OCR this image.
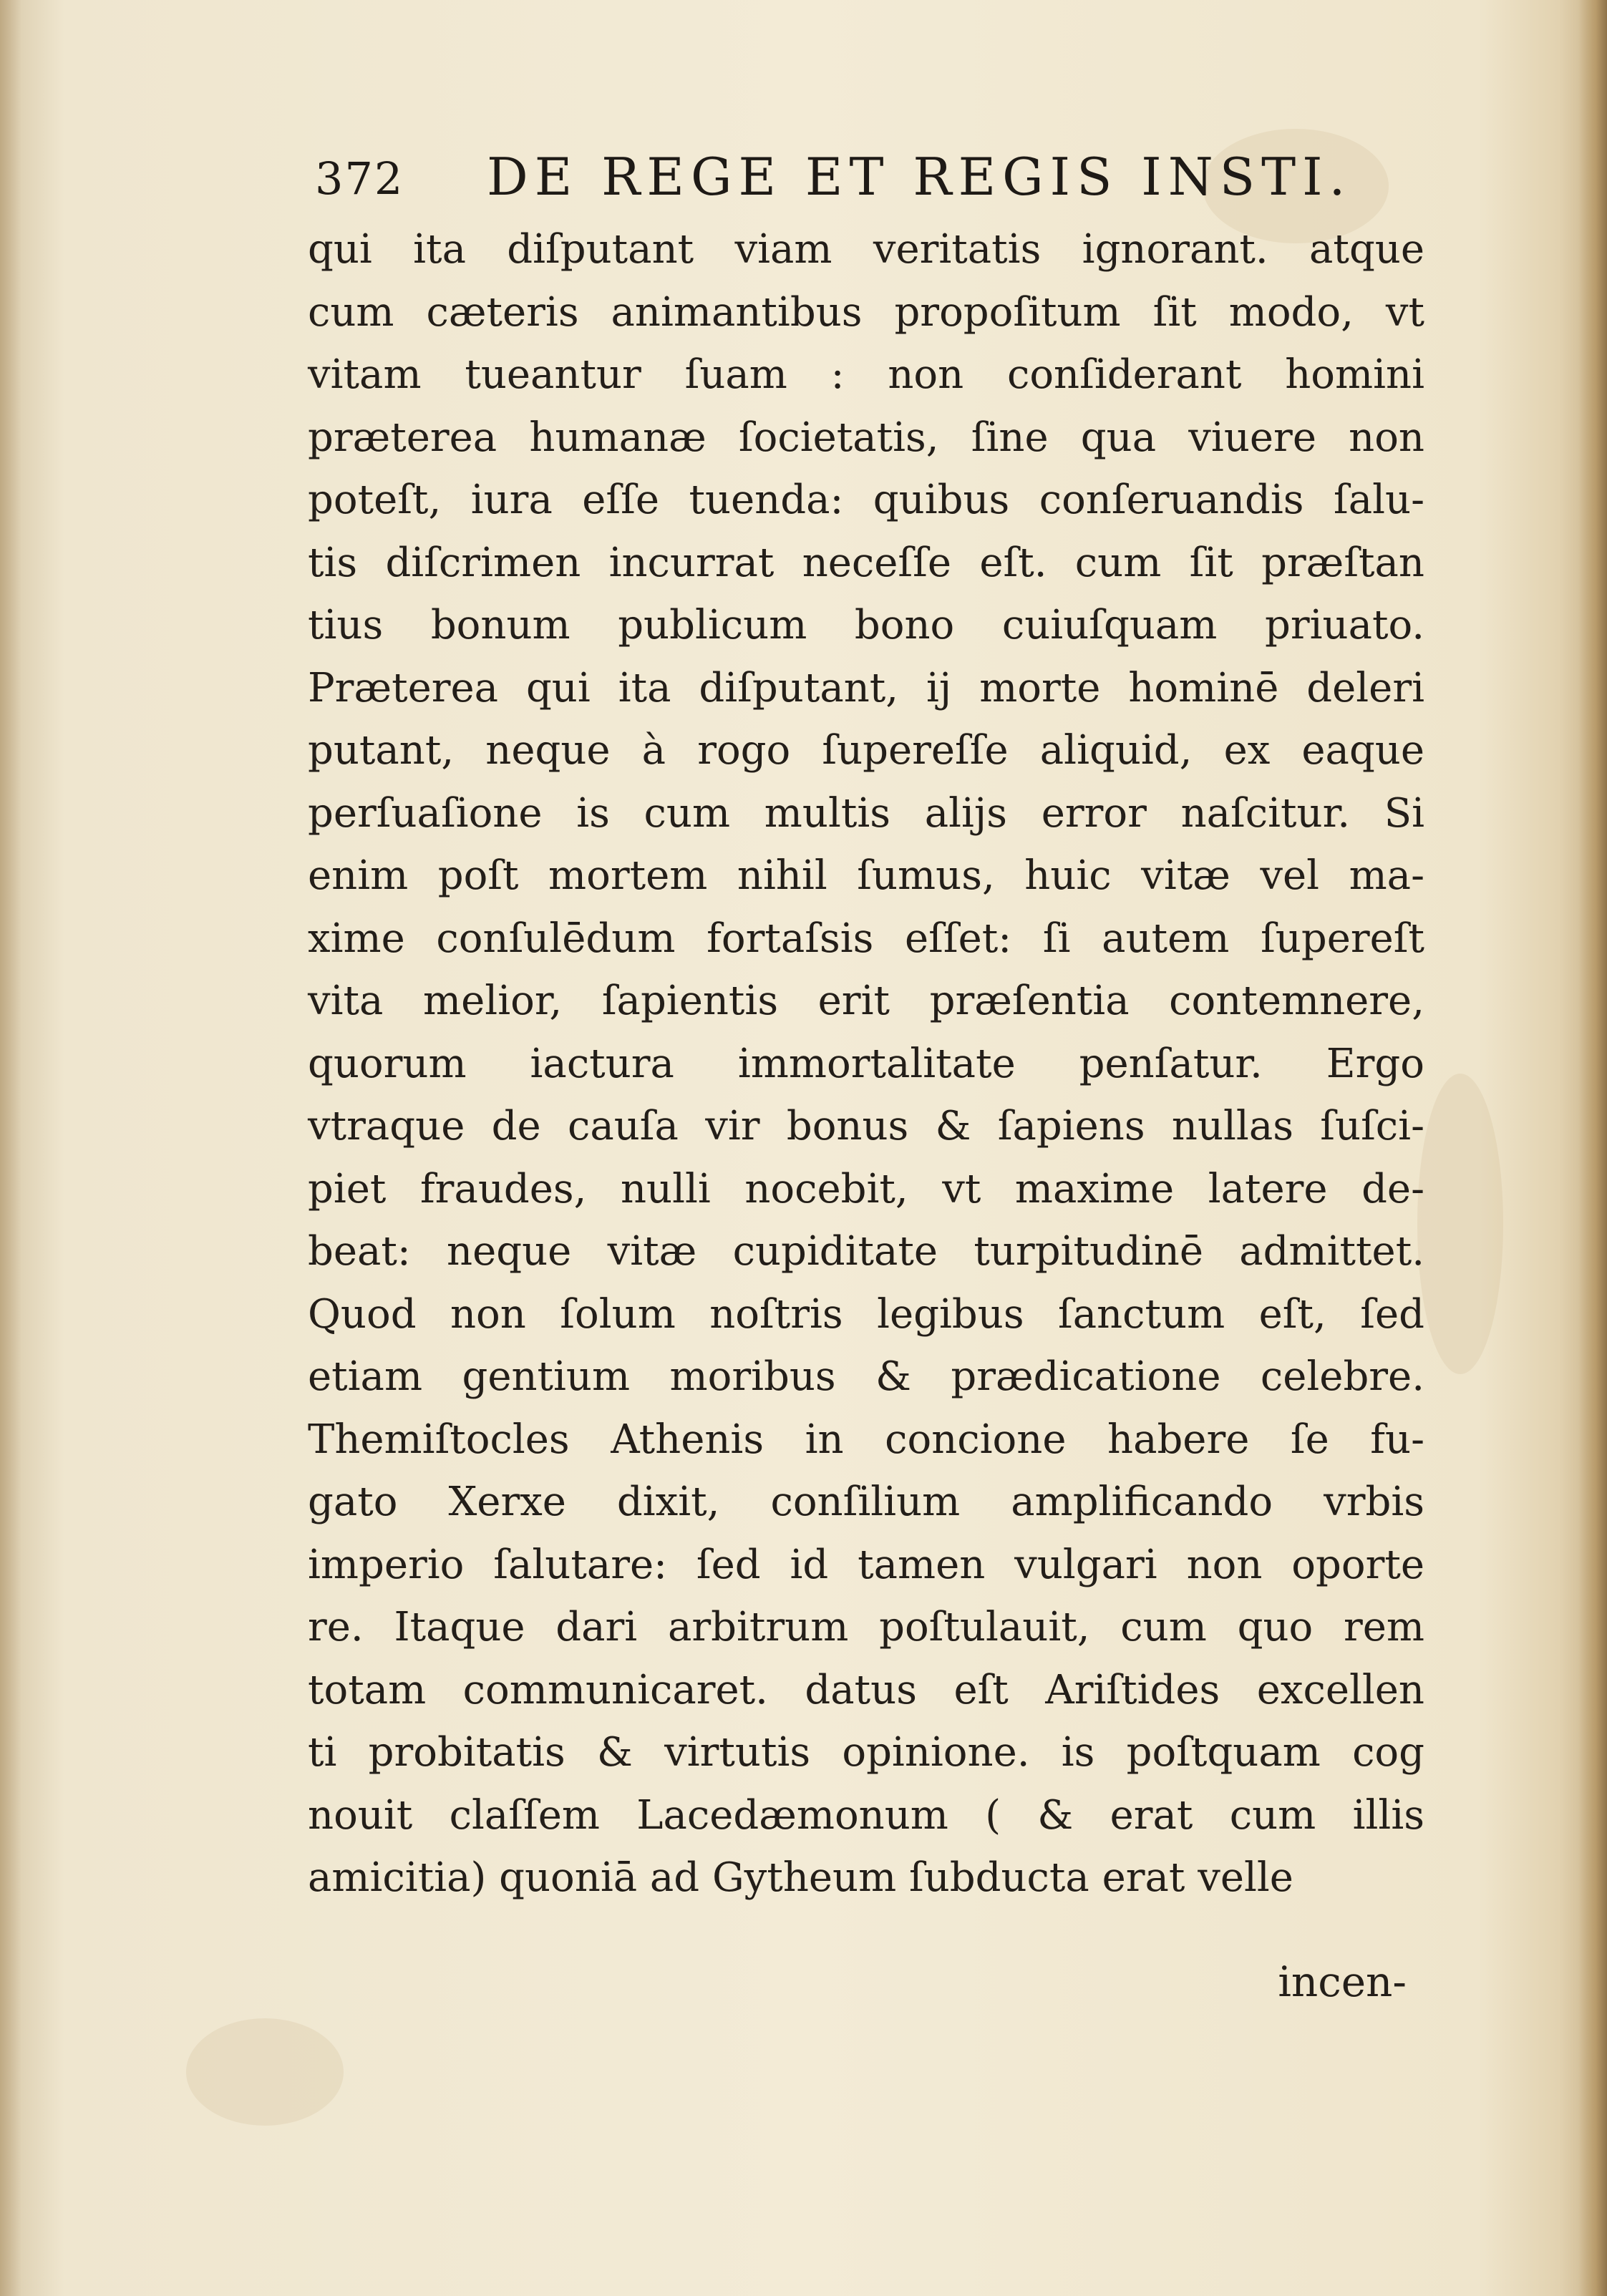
372 DE REGE ET REGIS INSTI.
qui ita diſputant viam veritatis ignorant. atque
cum cæteris animantibus propoſitum ſit modo, vt
vitam tueantur ſuam : non conſiderant homini
præterea humanæ ſocietatis, ſine qua viuere non
poteſt, iura eſſe tuenda: quibus conſeruandis ſalu-
tis diſcrimen incurrat neceſſe eſt. cum ſit præſtan
tius bonum publicum bono cuiuſquam priuato.
Præterea qui ita diſputant, ij morte hominē deleri
putant, neque à rogo ſupereſſe aliquid, ex eaque
perſuaſione is cum multis alijs error naſcitur. Si
enim poſt mortem nihil ſumus, huic vitæ vel ma-
xime conſulēdum fortaſsis eſſet: ſi autem ſupereſt
vita melior, ſapientis erit præſentia contemnere,
quorum iactura immortalitate penſatur. Ergo
vtraque de cauſa vir bonus & ſapiens nullas ſuſci-
piet fraudes, nulli nocebit, vt maxime latere de-
beat: neque vitæ cupiditate turpitudinē admittet.
Quod non ſolum noſtris legibus ſanctum eſt, ſed
etiam gentium moribus & prædicatione celebre.
Themiſtocles Athenis in concione habere ſe fu-
gato Xerxe dixit, conſilium amplificando vrbis
imperio ſalutare: ſed id tamen vulgari non oporte
re. Itaque dari arbitrum poſtulauit, cum quo rem
totam communicaret. datus eſt Ariſtides excellen
ti probitatis & virtutis opinione. is poſtquam cog
nouit claſſem Lacedæmonum ( & erat cum illis
amicitia) quoniā ad Gytheum ſubducta erat velle
incen-
